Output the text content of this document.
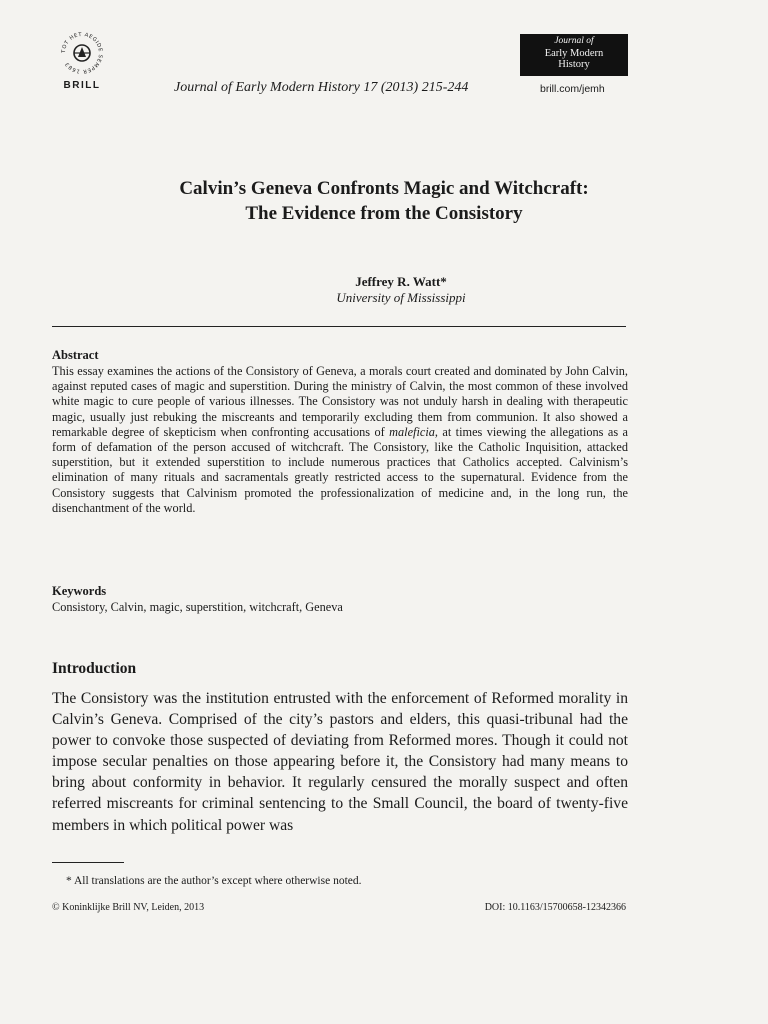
TOT HET AEGIDE SEMPER 1683
BRILL	Journal of Early Modern History 17 (2013) 215-244
Journal of
Early Modern
History
brill.com/jemh
Calvin’s Geneva Confronts Magic and Witchcraft:
The Evidence from the Consistory
Jeffrey R. Watt*
University of Mississippi
Abstract
This essay examines the actions of the Consistory of Geneva, a morals court created and dominated by John Calvin, against reputed cases of magic and superstition. During the ministry of Calvin, the most common of these involved white magic to cure people of various illnesses. The Consistory was not unduly harsh in dealing with therapeutic magic, usually just rebuking the miscreants and temporarily excluding them from communion. It also showed a remarkable degree of skepticism when confronting accusations of maleficia, at times viewing the allegations as a form of defamation of the person accused of witchcraft. The Consistory, like the Catholic Inquisition, attacked superstition, but it extended superstition to include numerous practices that Catholics accepted. Calvinism’s elimination of many rituals and sacramentals greatly restricted access to the supernatural. Evidence from the Consistory suggests that Calvinism promoted the professionalization of medicine and, in the long run, the disenchantment of the world.
Keywords
Consistory, Calvin, magic, superstition, witchcraft, Geneva
Introduction
The Consistory was the institution entrusted with the enforcement of Reformed morality in Calvin’s Geneva. Comprised of the city’s pastors and elders, this quasi-tribunal had the power to convoke those suspected of deviating from Reformed mores. Though it could not impose secular penalties on those appearing before it, the Consistory had many means to bring about conformity in behavior. It regularly censured the morally suspect and often referred miscreants for criminal sentencing to the Small Council, the board of twenty-five members in which political power was
* All translations are the author’s except where otherwise noted.
© Koninklijke Brill NV, Leiden, 2013	DOI: 10.1163/15700658-12342366
